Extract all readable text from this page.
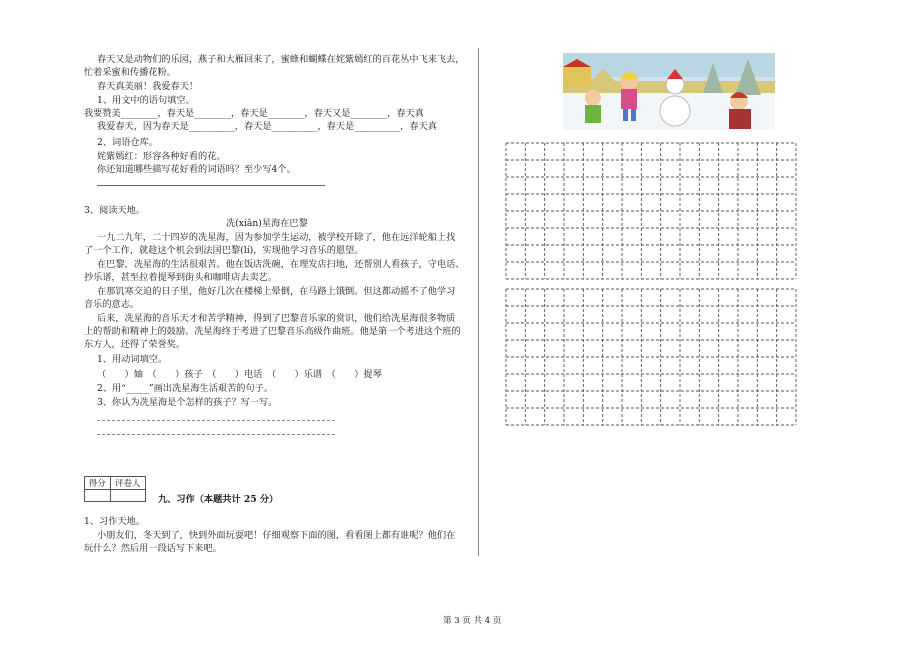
春天又是动物们的乐园，燕子和大雁回来了，蜜蜂和蝴蝶在姹紫嫣红的百花丛中飞来飞去，
忙着采蜜和传播花粉。
春天真美丽！我爱春天！
1、用文中的语句填空。
我要赞美________，春天是________，春天是________，春天又是________，春天真
我爱春天，因为春天是__________，春天是__________，春天是__________，春天真
2、词语仓库。
姹紫嫣红：形容各种好看的花。
你还知道哪些描写花好看的词语吗？至少写4个。
3、阅读天地。
冼(xiǎn)星海在巴黎
一九二九年，二十四岁的冼星海，因为参加学生运动，被学校开除了，他在远洋轮船上找
了一个工作，就趁这个机会到法国巴黎(lí)，实现他学习音乐的愿望。
在巴黎，冼星海的生活很艰苦。他在饭店洗碗，在理发店扫地，还帮别人看孩子，守电话、
抄乐谱，甚至拉着提琴到街头和咖啡店去卖艺。
在那饥寒交迫的日子里，他好几次在楼梯上晕倒，在马路上饿倒。但这都动摇不了他学习
音乐的意志。
后来，冼星海的音乐天才和苦学精神，得到了巴黎音乐家的赏识，他们给冼星海很多物质
上的帮助和精神上的鼓励。冼星海终于考进了巴黎音乐高级作曲班。他是第一个考进这个班的
东方人，还得了荣誉奖。
1、用动词填空。
（　　）妯　（　　）孩子　（　　）电话　（　　）乐谱　（　　）提琴
2、用“_____”画出冼星海生活艰苦的句子。
3、你认为冼星海是个怎样的孩子？写一写。
得分	评卷人

九、习作（本题共计 25 分）
1、习作天地。
小朋友们，冬天到了，快到外面玩耍吧！仔细观察下面的图，看看图上都有谁呢？他们在
玩什么？然后用一段话写下来吧。
第 3 页 共 4 页
